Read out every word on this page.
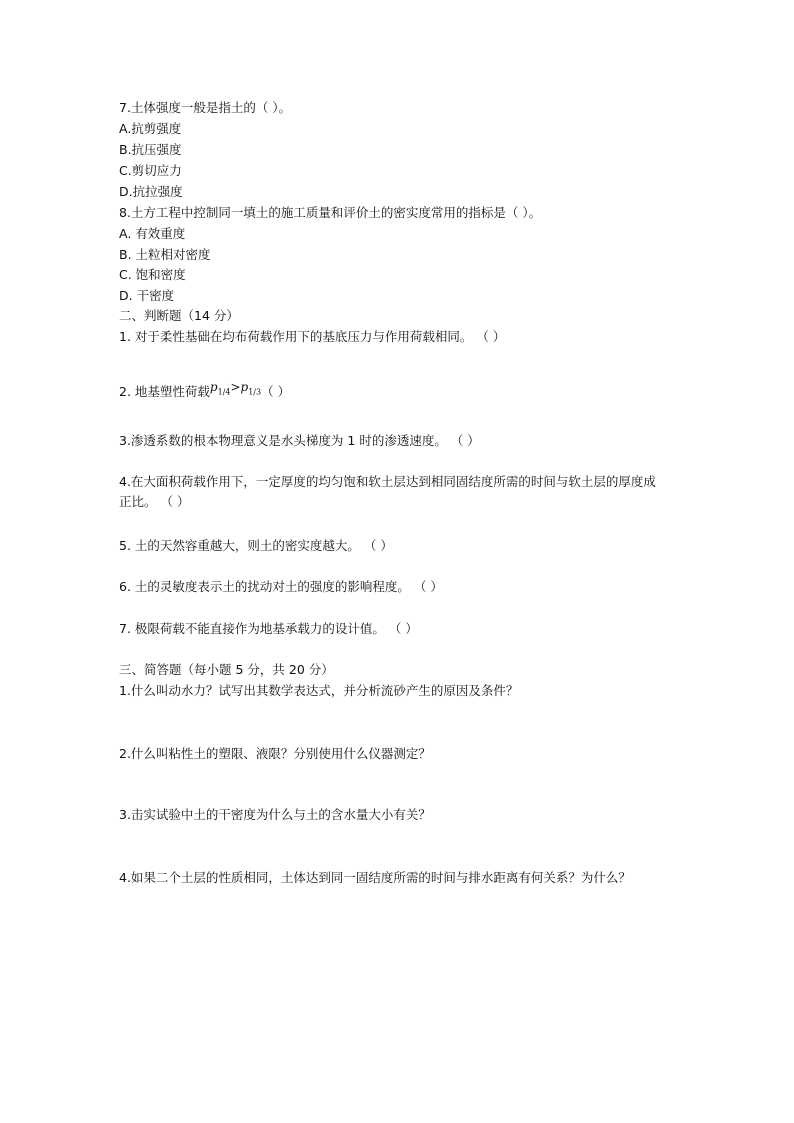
7.土体强度一般是指土的（ ）。
A.抗剪强度
B.抗压强度
C.剪切应力
D.抗拉强度
8.土方工程中控制同一填土的施工质量和评价土的密实度常用的指标是（ ）。
A. 有效重度
B. 土粒相对密度
C. 饱和密度
D. 干密度
二、判断题（14 分）
1. 对于柔性基础在均布荷载作用下的基底压力与作用荷载相同。 （ ）
2. 地基塑性荷载$p_{1/4}>p_{1/3}$（ ）
3.渗透系数的根本物理意义是水头梯度为 1 时的渗透速度。 （ ）
4.在大面积荷载作用下，一定厚度的均匀饱和软土层达到相同固结度所需的时间与软土层的厚度成正比。 （ ）
5. 土的天然容重越大，则土的密实度越大。 （ ）
6. 土的灵敏度表示土的扰动对土的强度的影响程度。 （ ）
7. 极限荷载不能直接作为地基承载力的设计值。 （ ）
三、简答题（每小题 5 分，共 20 分）
1.什么叫动水力？试写出其数学表达式，并分析流砂产生的原因及条件？
2.什么叫粘性土的塑限、液限？分别使用什么仪器测定？
3.击实试验中土的干密度为什么与土的含水量大小有关？
4.如果二个土层的性质相同，土体达到同一固结度所需的时间与排水距离有何关系？为什么？
